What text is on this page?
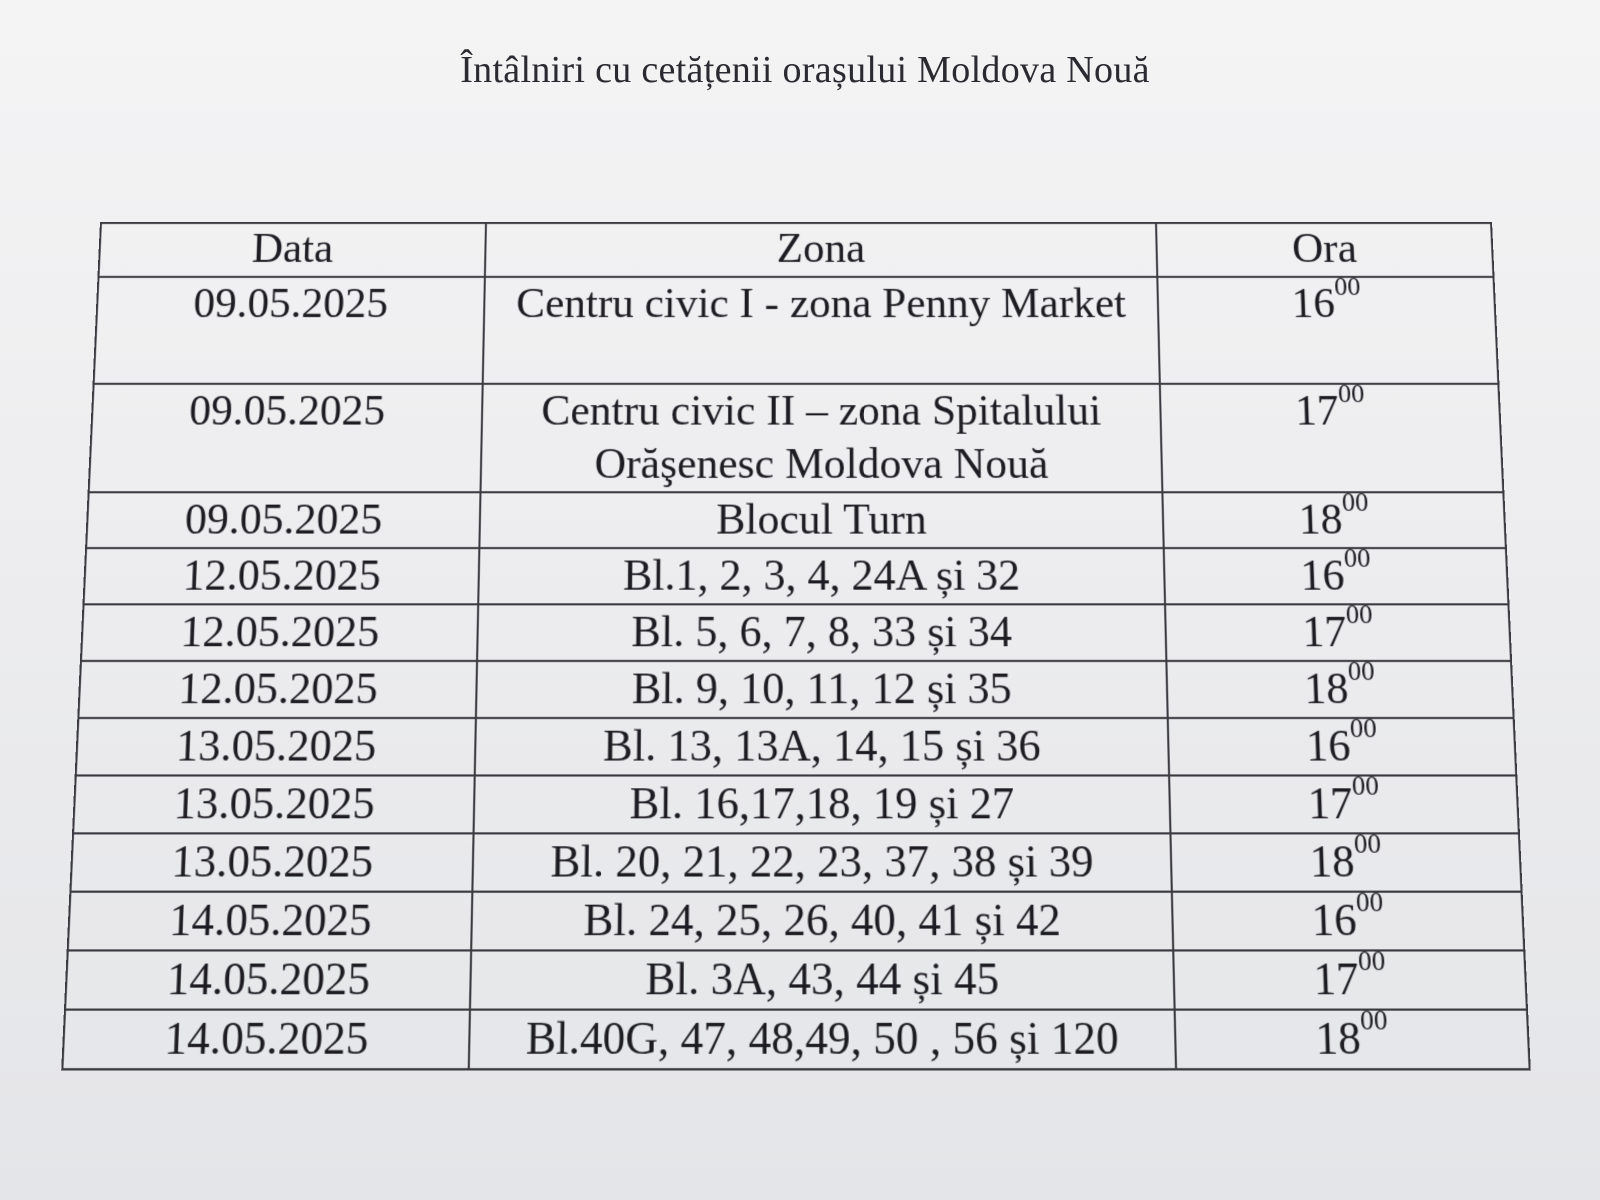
Întâlniri cu cetățenii orașului Moldova Nouă
Data	Zona	Ora
09.05.2025	Centru civic I - zona Penny Market	$16^{00}$
09.05.2025	Centru civic II – zona Spitalului Orăşenesc Moldova Nouă	$17^{00}$
09.05.2025	Blocul Turn	$18^{00}$
12.05.2025	Bl.1, 2, 3, 4, 24A și 32	$16^{00}$
12.05.2025	Bl. 5, 6, 7, 8, 33 și 34	$17^{00}$
12.05.2025	Bl. 9, 10, 11, 12 și 35	$18^{00}$
13.05.2025	Bl. 13, 13A, 14, 15 și 36	$16^{00}$
13.05.2025	Bl. 16,17,18, 19 și 27	$17^{00}$
13.05.2025	Bl. 20, 21, 22, 23, 37, 38 și 39	$18^{00}$
14.05.2025	Bl. 24, 25, 26, 40, 41 și 42	$16^{00}$
14.05.2025	Bl. 3A, 43, 44 și 45	$17^{00}$
14.05.2025	Bl.40G, 47, 48,49, 50 , 56 și 120	$18^{00}$
